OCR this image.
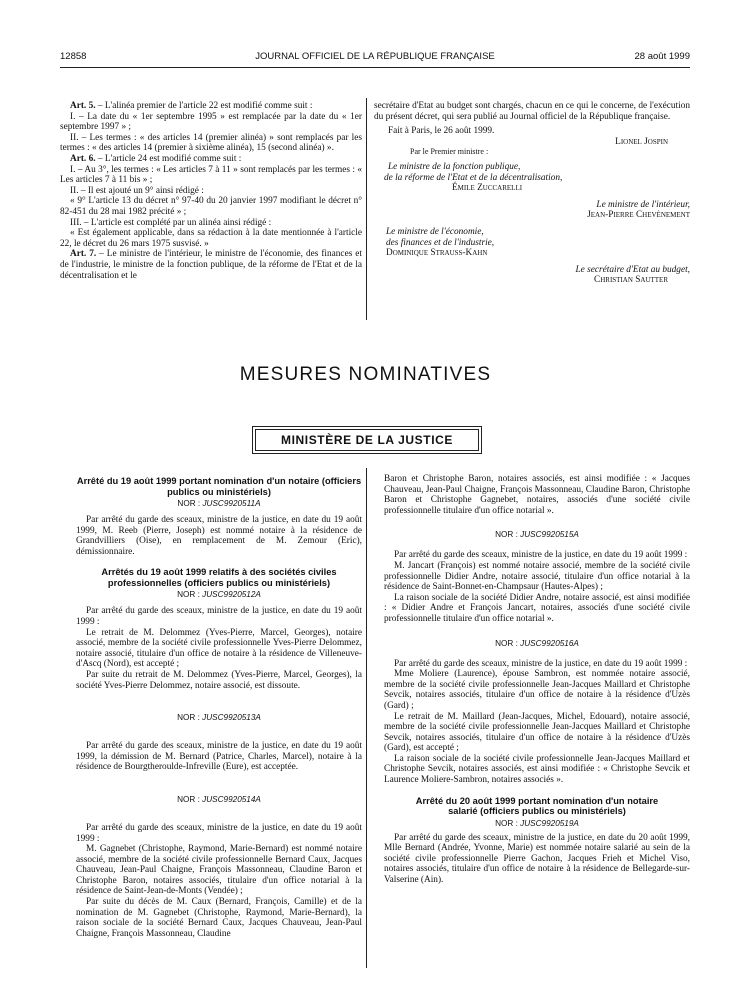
12858	JOURNAL OFFICIEL DE LA RÉPUBLIQUE FRANÇAISE	28 août 1999

Art. 5. – L'alinéa premier de l'article 22 est modifié comme suit :

I. – La date du « 1er septembre 1995 » est remplacée par la date du « 1er septembre 1997 » ;

II. – Les termes : « des articles 14 (premier alinéa) » sont remplacés par les termes : « des articles 14 (premier à sixième alinéa), 15 (second alinéa) ».

Art. 6. – L'article 24 est modifié comme suit :

I. – Au 3°, les termes : « Les articles 7 à 11 » sont remplacés par les termes : « Les articles 7 à 11 bis » ;

II. – Il est ajouté un 9° ainsi rédigé :

« 9° L'article 13 du décret n° 97-40 du 20 janvier 1997 modifiant le décret n° 82-451 du 28 mai 1982 précité » ;

III. – L'article est complété par un alinéa ainsi rédigé :

« Est également applicable, dans sa rédaction à la date mentionnée à l'article 22, le décret du 26 mars 1975 susvisé. »

Art. 7. – Le ministre de l'intérieur, le ministre de l'économie, des finances et de l'industrie, le ministre de la fonction publique, de la réforme de l'Etat et de la décentralisation et le

secrétaire d'Etat au budget sont chargés, chacun en ce qui le concerne, de l'exécution du présent décret, qui sera publié au Journal officiel de la République française.

Fait à Paris, le 26 août 1999.

Lionel Jospin

Par le Premier ministre :

Le ministre de la fonction publique,

de la réforme de l'Etat et de la décentralisation,

Émile Zuccarelli

Le ministre de l'intérieur,

Jean-Pierre Chevènement

Le ministre de l'économie,

des finances et de l'industrie,

Dominique Strauss-Kahn

Le secrétaire d'Etat au budget,

Christian Sautter

MESURES NOMINATIVES
MINISTÈRE DE LA JUSTICE
Arrêté du 19 août 1999 portant nomination d'un notaire (officiers publics ou ministériels)
NOR : JUSC9920511A

Par arrêté du garde des sceaux, ministre de la justice, en date du 19 août 1999, M. Reeb (Pierre, Joseph) est nommé notaire à la résidence de Grandvilliers (Oise), en remplacement de M. Zemour (Eric), démissionnaire.

Arrêtés du 19 août 1999 relatifs à des sociétés civiles professionnelles (officiers publics ou ministériels)
NOR : JUSC9920512A

Par arrêté du garde des sceaux, ministre de la justice, en date du 19 août 1999 :

Le retrait de M. Delommez (Yves-Pierre, Marcel, Georges), notaire associé, membre de la société civile professionnelle Yves-Pierre Delommez, notaire associé, titulaire d'un office de notaire à la résidence de Villeneuve-d'Ascq (Nord), est accepté ;

Par suite du retrait de M. Delommez (Yves-Pierre, Marcel, Georges), la société Yves-Pierre Delommez, notaire associé, est dissoute.

NOR : JUSC9920513A

Par arrêté du garde des sceaux, ministre de la justice, en date du 19 août 1999, la démission de M. Bernard (Patrice, Charles, Marcel), notaire à la résidence de Bourgtheroulde-Infreville (Eure), est acceptée.

NOR : JUSC9920514A

Par arrêté du garde des sceaux, ministre de la justice, en date du 19 août 1999 :

M. Gagnebet (Christophe, Raymond, Marie-Bernard) est nommé notaire associé, membre de la société civile professionnelle Bernard Caux, Jacques Chauveau, Jean-Paul Chaigne, François Massonneau, Claudine Baron et Christophe Baron, notaires associés, titulaire d'un office notarial à la résidence de Saint-Jean-de-Monts (Vendée) ;

Par suite du décès de M. Caux (Bernard, François, Camille) et de la nomination de M. Gagnebet (Christophe, Raymond, Marie-Bernard), la raison sociale de la société Bernard Caux, Jacques Chauveau, Jean-Paul Chaigne, François Massonneau, Claudine

Baron et Christophe Baron, notaires associés, est ainsi modifiée : « Jacques Chauveau, Jean-Paul Chaigne, François Massonneau, Claudine Baron, Christophe Baron et Christophe Gagnebet, notaires, associés d'une société civile professionnelle titulaire d'un office notarial ».

NOR : JUSC9920515A

Par arrêté du garde des sceaux, ministre de la justice, en date du 19 août 1999 :

M. Jancart (François) est nommé notaire associé, membre de la société civile professionnelle Didier Andre, notaire associé, titulaire d'un office notarial à la résidence de Saint-Bonnet-en-Champsaur (Hautes-Alpes) ;

La raison sociale de la société Didier Andre, notaire associé, est ainsi modifiée : « Didier Andre et François Jancart, notaires, associés d'une société civile professionnelle titulaire d'un office notarial ».

NOR : JUSC9920516A

Par arrêté du garde des sceaux, ministre de la justice, en date du 19 août 1999 :

Mme Moliere (Laurence), épouse Sambron, est nommée notaire associé, membre de la société civile professionnelle Jean-Jacques Maillard et Christophe Sevcik, notaires associés, titulaire d'un office de notaire à la résidence d'Uzès (Gard) ;

Le retrait de M. Maillard (Jean-Jacques, Michel, Edouard), notaire associé, membre de la société civile professionnelle Jean-Jacques Maillard et Christophe Sevcik, notaires associés, titulaire d'un office de notaire à la résidence d'Uzès (Gard), est accepté ;

La raison sociale de la société civile professionnelle Jean-Jacques Maillard et Christophe Sevcik, notaires associés, est ainsi modifiée : « Christophe Sevcik et Laurence Moliere-Sambron, notaires associés ».

Arrêté du 20 août 1999 portant nomination d'un notaire salarié (officiers publics ou ministériels)
NOR : JUSC9920519A

Par arrêté du garde des sceaux, ministre de la justice, en date du 20 août 1999, Mlle Bernard (Andrée, Yvonne, Marie) est nommée notaire salarié au sein de la société civile professionnelle Pierre Gachon, Jacques Frieh et Michel Viso, notaires associés, titulaire d'un office de notaire à la résidence de Bellegarde-sur-Valserine (Ain).
